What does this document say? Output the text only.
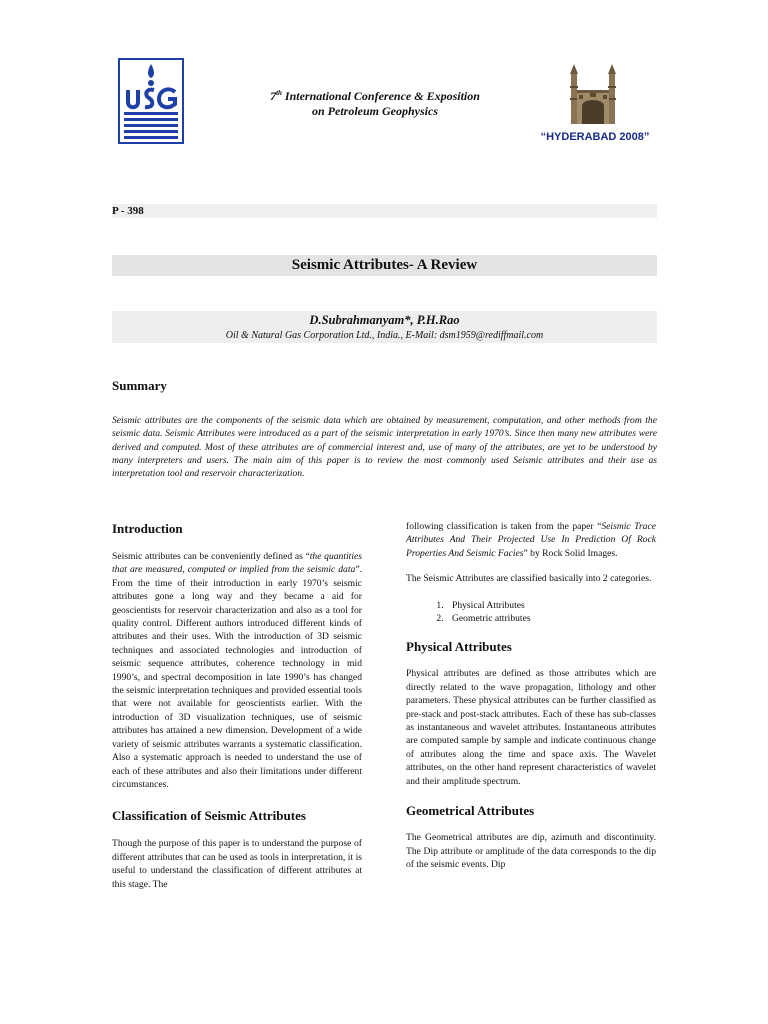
7th International Conference & Exposition
on Petroleum Geophysics
“HYDERABAD 2008”
P - 398
Seismic Attributes- A Review
D.Subrahmanyam*, P.H.Rao
Oil & Natural Gas Corporation Ltd., India., E-Mail: dsm1959@rediffmail.com
Summary

Seismic attributes are the components of the seismic data which are obtained by measurement, computation, and other methods from the seismic data. Seismic Attributes were introduced as a part of the seismic interpretation in early 1970’s. Since then many new attributes were derived and computed. Most of these attributes are of commercial interest and, use of many of the attributes, are yet to be understood by many interpreters and users. The main aim of this paper is to review the most commonly used Seismic attributes and their use as interpretation tool and reservoir characterization.

Introduction

Seismic attributes can be conveniently defined as “the quantities that are measured, computed or implied from the seismic data”. From the time of their introduction in early 1970’s seismic attributes gone a long way and they became a aid for geoscientists for reservoir characterization and also as a tool for quality control. Different authors introduced different kinds of attributes and their uses. With the introduction of 3D seismic techniques and associated technologies and introduction of seismic sequence attributes, coherence technology in mid 1990’s, and spectral decomposition in late 1990’s has changed the seismic interpretation techniques and provided essential tools that were not available for geoscientists earlier. With the introduction of 3D visualization techniques, use of seismic attributes has attained a new dimension. Development of a wide variety of seismic attributes warrants a systematic classification. Also a systematic approach is needed to understand the use of each of these attributes and also their limitations under different circumstances.

Classification of Seismic Attributes

Though the purpose of this paper is to understand the purpose of different attributes that can be used as tools in interpretation, it is useful to understand the classification of different attributes at this stage. The

following classification is taken from the paper “Seismic Trace Attributes And Their Projected Use In Prediction Of Rock Properties And Seismic Facies” by Rock Solid Images.

The Seismic Attributes are classified basically into 2 categories.

1. Physical Attributes
2. Geometric attributes
Physical Attributes

Physical attributes are defined as those attributes which are directly related to the wave propagation, lithology and other parameters. These physical attributes can be further classified as pre-stack and post-stack attributes. Each of these has sub-classes as instantaneous and wavelet attributes. Instantaneous attributes are computed sample by sample and indicate continuous change of attributes along the time and space axis. The Wavelet attributes, on the other hand represent characteristics of wavelet and their amplitude spectrum.

Geometrical Attributes

The Geometrical attributes are dip, azimuth and discontinuity. The Dip attribute or amplitude of the data corresponds to the dip of the seismic events. Dip
